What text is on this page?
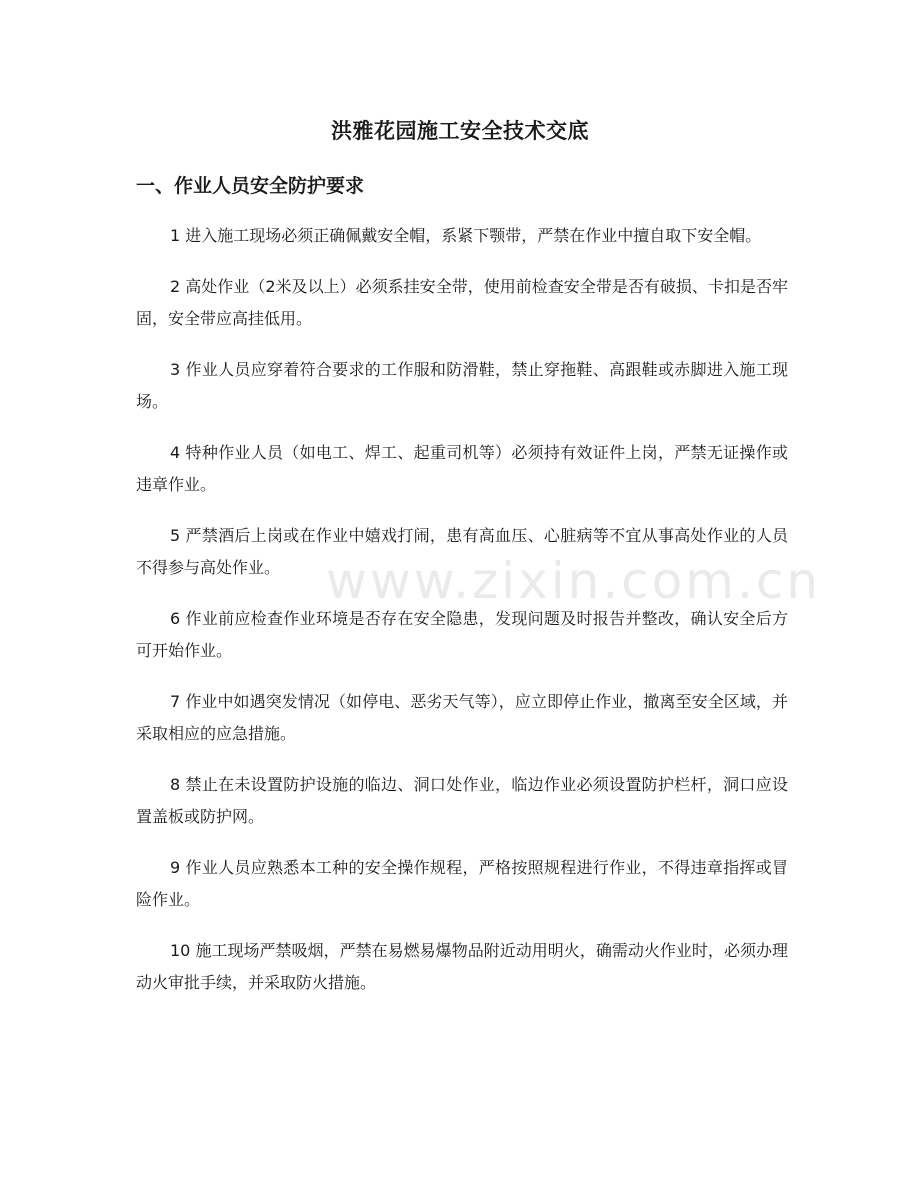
洪雅花园施工安全技术交底
一、作业人员安全防护要求

1 进入施工现场必须正确佩戴安全帽，系紧下颚带，严禁在作业中擅自取下安全帽。

2 高处作业（2米及以上）必须系挂安全带，使用前检查安全带是否有破损、卡扣是否牢固，安全带应高挂低用。

3 作业人员应穿着符合要求的工作服和防滑鞋，禁止穿拖鞋、高跟鞋或赤脚进入施工现场。

4 特种作业人员（如电工、焊工、起重司机等）必须持有效证件上岗，严禁无证操作或违章作业。

5 严禁酒后上岗或在作业中嬉戏打闹，患有高血压、心脏病等不宜从事高处作业的人员不得参与高处作业。

6 作业前应检查作业环境是否存在安全隐患，发现问题及时报告并整改，确认安全后方可开始作业。

7 作业中如遇突发情况（如停电、恶劣天气等），应立即停止作业，撤离至安全区域，并采取相应的应急措施。

8 禁止在未设置防护设施的临边、洞口处作业，临边作业必须设置防护栏杆，洞口应设置盖板或防护网。

9 作业人员应熟悉本工种的安全操作规程，严格按照规程进行作业，不得违章指挥或冒险作业。

10 施工现场严禁吸烟，严禁在易燃易爆物品附近动用明火，确需动火作业时，必须办理动火审批手续，并采取防火措施。

www.zixin.com.cn
